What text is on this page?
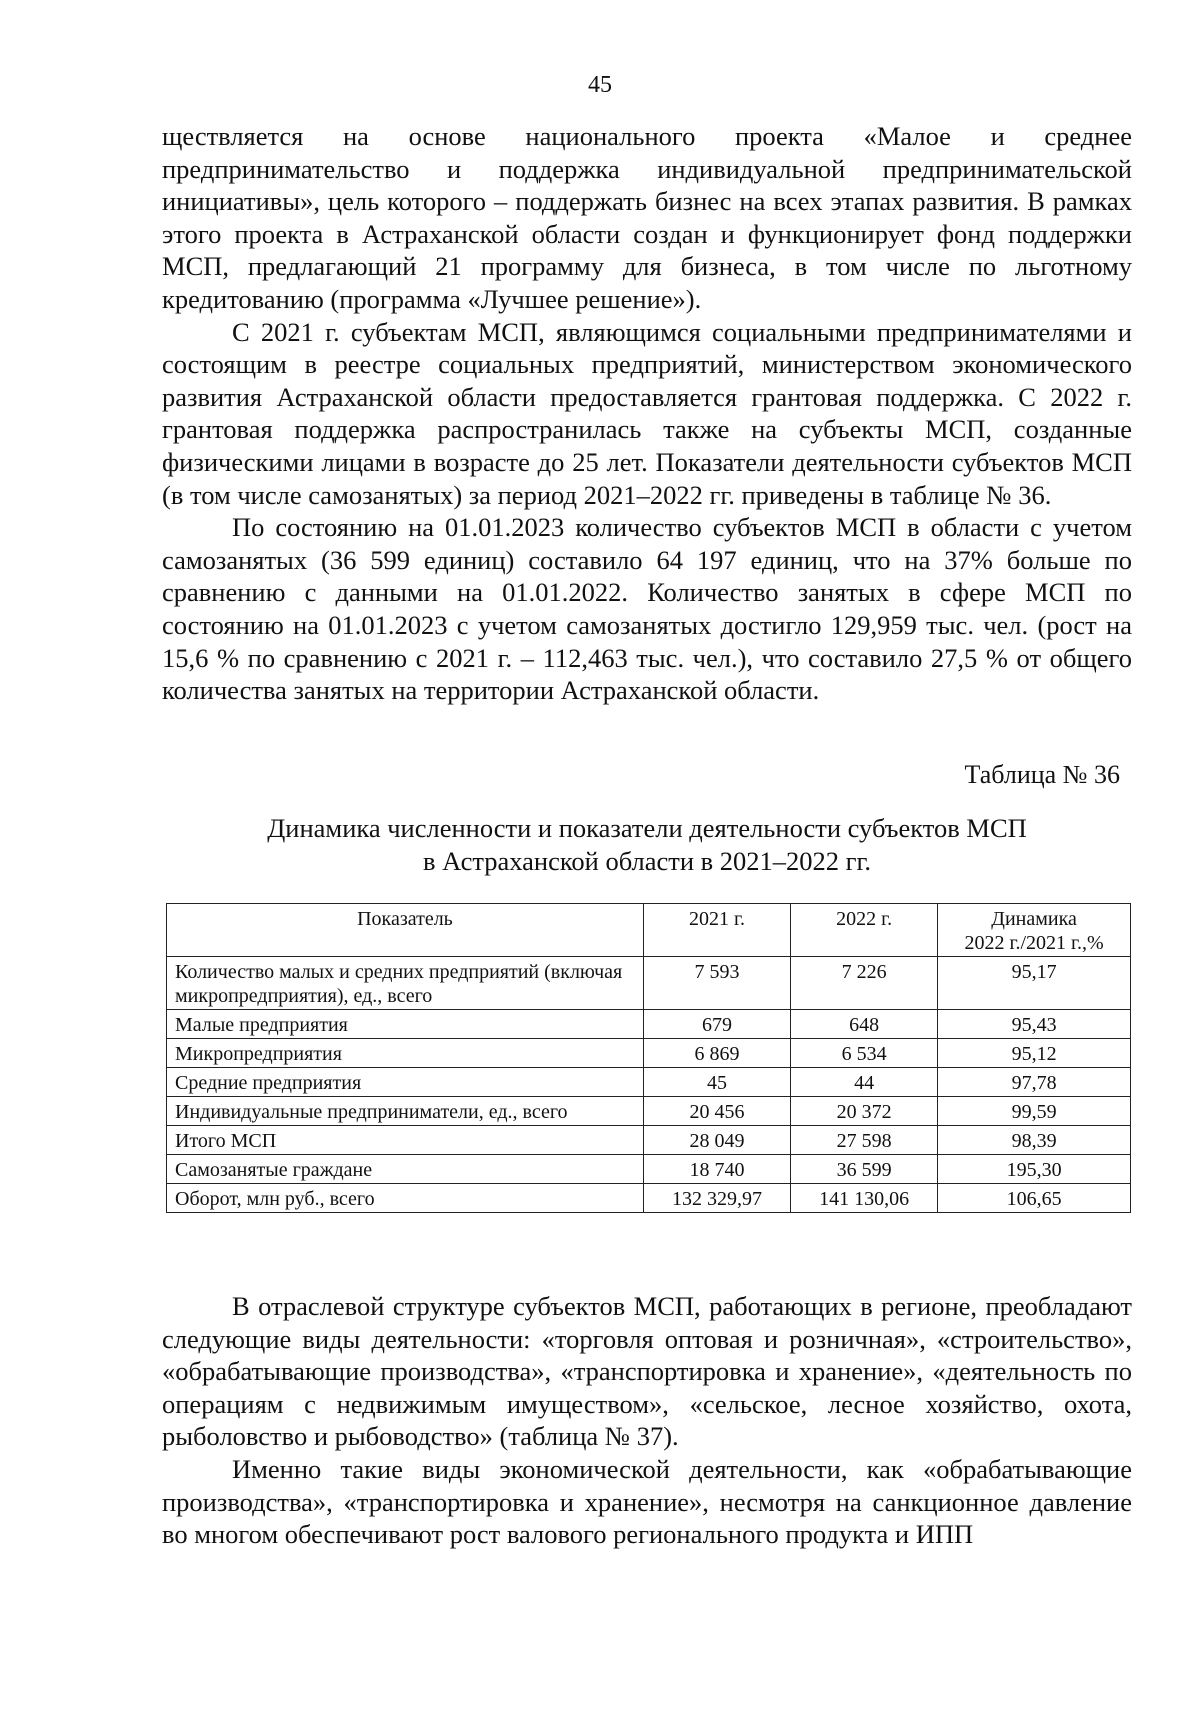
45

ществляется на основе национального проекта «Малое и среднее предпринимательство и поддержка индивидуальной предпринимательской инициативы», цель которого – поддержать бизнес на всех этапах развития. В рамках этого проекта в Астраханской области создан и функционирует фонд поддержки МСП, предлагающий 21 программу для бизнеса, в том числе по льготному кредитованию (программа «Лучшее решение»).

С 2021 г. субъектам МСП, являющимся социальными предпринимателями и состоящим в реестре социальных предприятий, министерством экономического развития Астраханской области предоставляется грантовая поддержка. С 2022 г. грантовая поддержка распространилась также на субъекты МСП, созданные физическими лицами в возрасте до 25 лет. Показатели деятельности субъектов МСП (в том числе самозанятых) за период 2021–2022 гг. приведены в таблице № 36.

По состоянию на 01.01.2023 количество субъектов МСП в области с учетом самозанятых (36 599 единиц) составило 64 197 единиц, что на 37% больше по сравнению с данными на 01.01.2022. Количество занятых в сфере МСП по состоянию на 01.01.2023 с учетом самозанятых достигло 129,959 тыс. чел. (рост на 15,6 % по сравнению с 2021 г. – 112,463 тыс. чел.), что составило 27,5 % от общего количества занятых на территории Астраханской области.

Таблица № 36
Динамика численности и показатели деятельности субъектов МСП
в Астраханской области в 2021–2022 гг.
Показатель	2021 г.	2022 г.	Динамика
2022 г./2021 г.,%

Количество малых и средних предприятий (включая микропредприятия), ед., всего	7 593	7 226	95,17
Малые предприятия	679	648	95,43
Микропредприятия	6 869	6 534	95,12
Средние предприятия	45	44	97,78
Индивидуальные предприниматели, ед., всего	20 456	20 372	99,59
Итого МСП	28 049	27 598	98,39
Самозанятые граждане	18 740	36 599	195,30
Оборот, млн руб., всего	132 329,97	141 130,06	106,65

В отраслевой структуре субъектов МСП, работающих в регионе, преобладают следующие виды деятельности: «торговля оптовая и розничная», «строительство», «обрабатывающие производства», «транспортировка и хранение», «деятельность по операциям с недвижимым имуществом», «сельское, лесное хозяйство, охота, рыболовство и рыбоводство» (таблица № 37).

Именно такие виды экономической деятельности, как «обрабатывающие производства», «транспортировка и хранение», несмотря на санкционное давление во многом обеспечивают рост валового регионального продукта и ИПП
